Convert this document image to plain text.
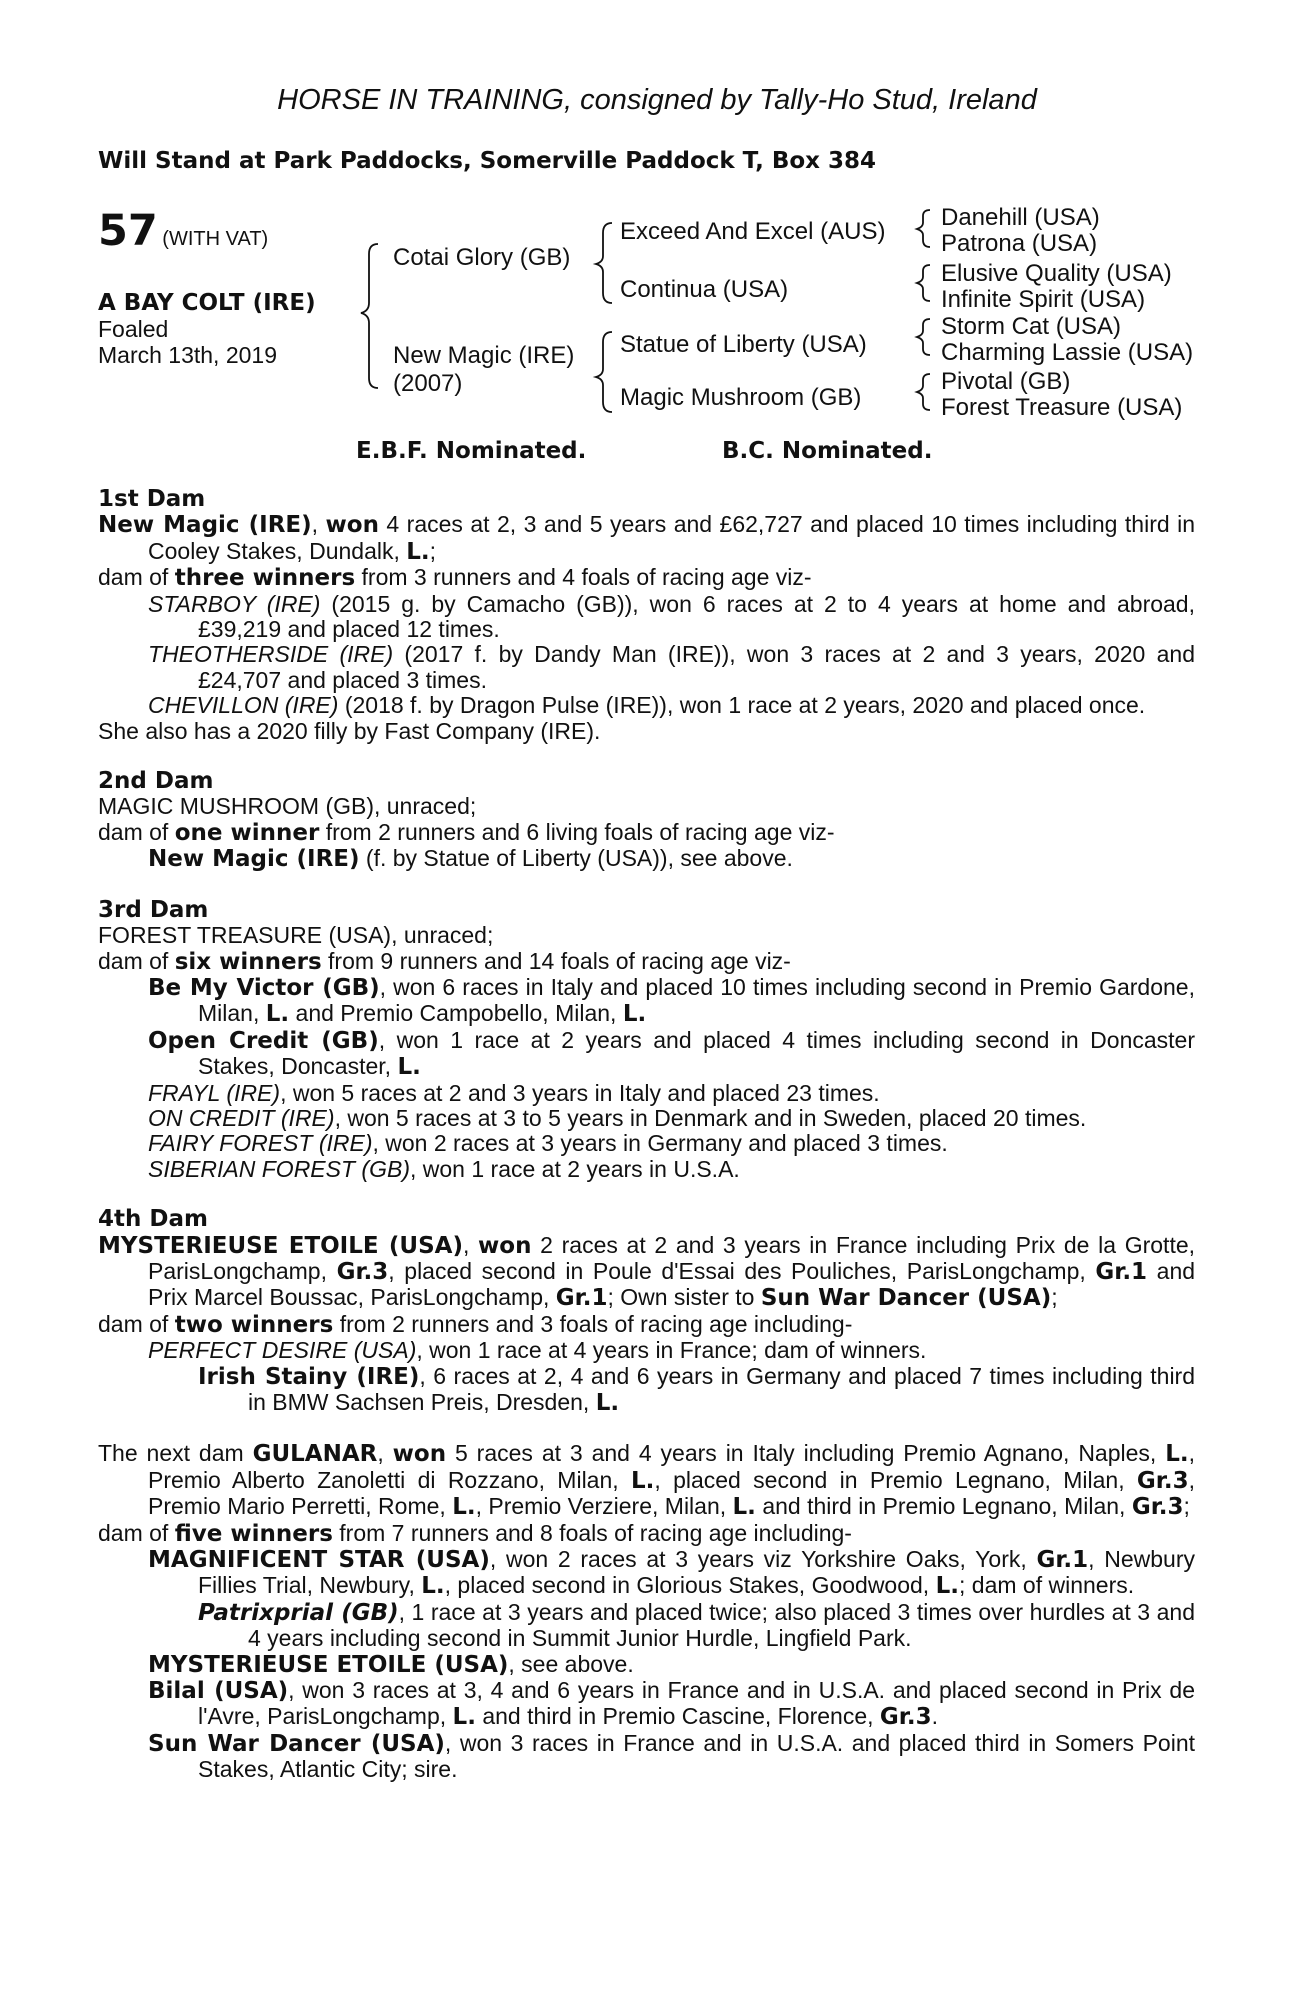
HORSE IN TRAINING, consigned by Tally-Ho Stud, Ireland
Will Stand at Park Paddocks, Somerville Paddock T, Box 384
57 (WITH VAT)
A BAY COLT (IRE)
Foaled
March 13th, 2019
Cotai Glory (GB)
New Magic (IRE)
(2007)
Exceed And Excel (AUS)
Continua (USA)
Statue of Liberty (USA)
Magic Mushroom (GB)
Danehill (USA)
Patrona (USA)
Elusive Quality (USA)
Infinite Spirit (USA)
Storm Cat (USA)
Charming Lassie (USA)
Pivotal (GB)
Forest Treasure (USA)
E.B.F. Nominated.	B.C. Nominated.

1st Dam

New Magic (IRE), won 4 races at 2, 3 and 5 years and £62,727 and placed 10 times including third in Cooley Stakes, Dundalk, L.;

dam of three winners from 3 runners and 4 foals of racing age viz-

STARBOY (IRE) (2015 g. by Camacho (GB)), won 6 races at 2 to 4 years at home and abroad, £39,219 and placed 12 times.

THEOTHERSIDE (IRE) (2017 f. by Dandy Man (IRE)), won 3 races at 2 and 3 years, 2020 and £24,707 and placed 3 times.

CHEVILLON (IRE) (2018 f. by Dragon Pulse (IRE)), won 1 race at 2 years, 2020 and placed once.

She also has a 2020 filly by Fast Company (IRE).

2nd Dam

MAGIC MUSHROOM (GB), unraced;

dam of one winner from 2 runners and 6 living foals of racing age viz-

New Magic (IRE) (f. by Statue of Liberty (USA)), see above.

3rd Dam

FOREST TREASURE (USA), unraced;

dam of six winners from 9 runners and 14 foals of racing age viz-

Be My Victor (GB), won 6 races in Italy and placed 10 times including second in Premio Gardone, Milan, L. and Premio Campobello, Milan, L.

Open Credit (GB), won 1 race at 2 years and placed 4 times including second in Doncaster Stakes, Doncaster, L.

FRAYL (IRE), won 5 races at 2 and 3 years in Italy and placed 23 times.

ON CREDIT (IRE), won 5 races at 3 to 5 years in Denmark and in Sweden, placed 20 times.

FAIRY FOREST (IRE), won 2 races at 3 years in Germany and placed 3 times.

SIBERIAN FOREST (GB), won 1 race at 2 years in U.S.A.

4th Dam

MYSTERIEUSE ETOILE (USA), won 2 races at 2 and 3 years in France including Prix de la Grotte, ParisLongchamp, Gr.3, placed second in Poule d'Essai des Pouliches, ParisLongchamp, Gr.1 and Prix Marcel Boussac, ParisLongchamp, Gr.1; Own sister to Sun War Dancer (USA);

dam of two winners from 2 runners and 3 foals of racing age including-

PERFECT DESIRE (USA), won 1 race at 4 years in France; dam of winners.

Irish Stainy (IRE), 6 races at 2, 4 and 6 years in Germany and placed 7 times including third in BMW Sachsen Preis, Dresden, L.

The next dam GULANAR, won 5 races at 3 and 4 years in Italy including Premio Agnano, Naples, L., Premio Alberto Zanoletti di Rozzano, Milan, L., placed second in Premio Legnano, Milan, Gr.3, Premio Mario Perretti, Rome, L., Premio Verziere, Milan, L. and third in Premio Legnano, Milan, Gr.3;

dam of five winners from 7 runners and 8 foals of racing age including-

MAGNIFICENT STAR (USA), won 2 races at 3 years viz Yorkshire Oaks, York, Gr.1, Newbury Fillies Trial, Newbury, L., placed second in Glorious Stakes, Goodwood, L.; dam of winners.

Patrixprial (GB), 1 race at 3 years and placed twice; also placed 3 times over hurdles at 3 and 4 years including second in Summit Junior Hurdle, Lingfield Park.

MYSTERIEUSE ETOILE (USA), see above.

Bilal (USA), won 3 races at 3, 4 and 6 years in France and in U.S.A. and placed second in Prix de l'Avre, ParisLongchamp, L. and third in Premio Cascine, Florence, Gr.3.

Sun War Dancer (USA), won 3 races in France and in U.S.A. and placed third in Somers Point Stakes, Atlantic City; sire.
